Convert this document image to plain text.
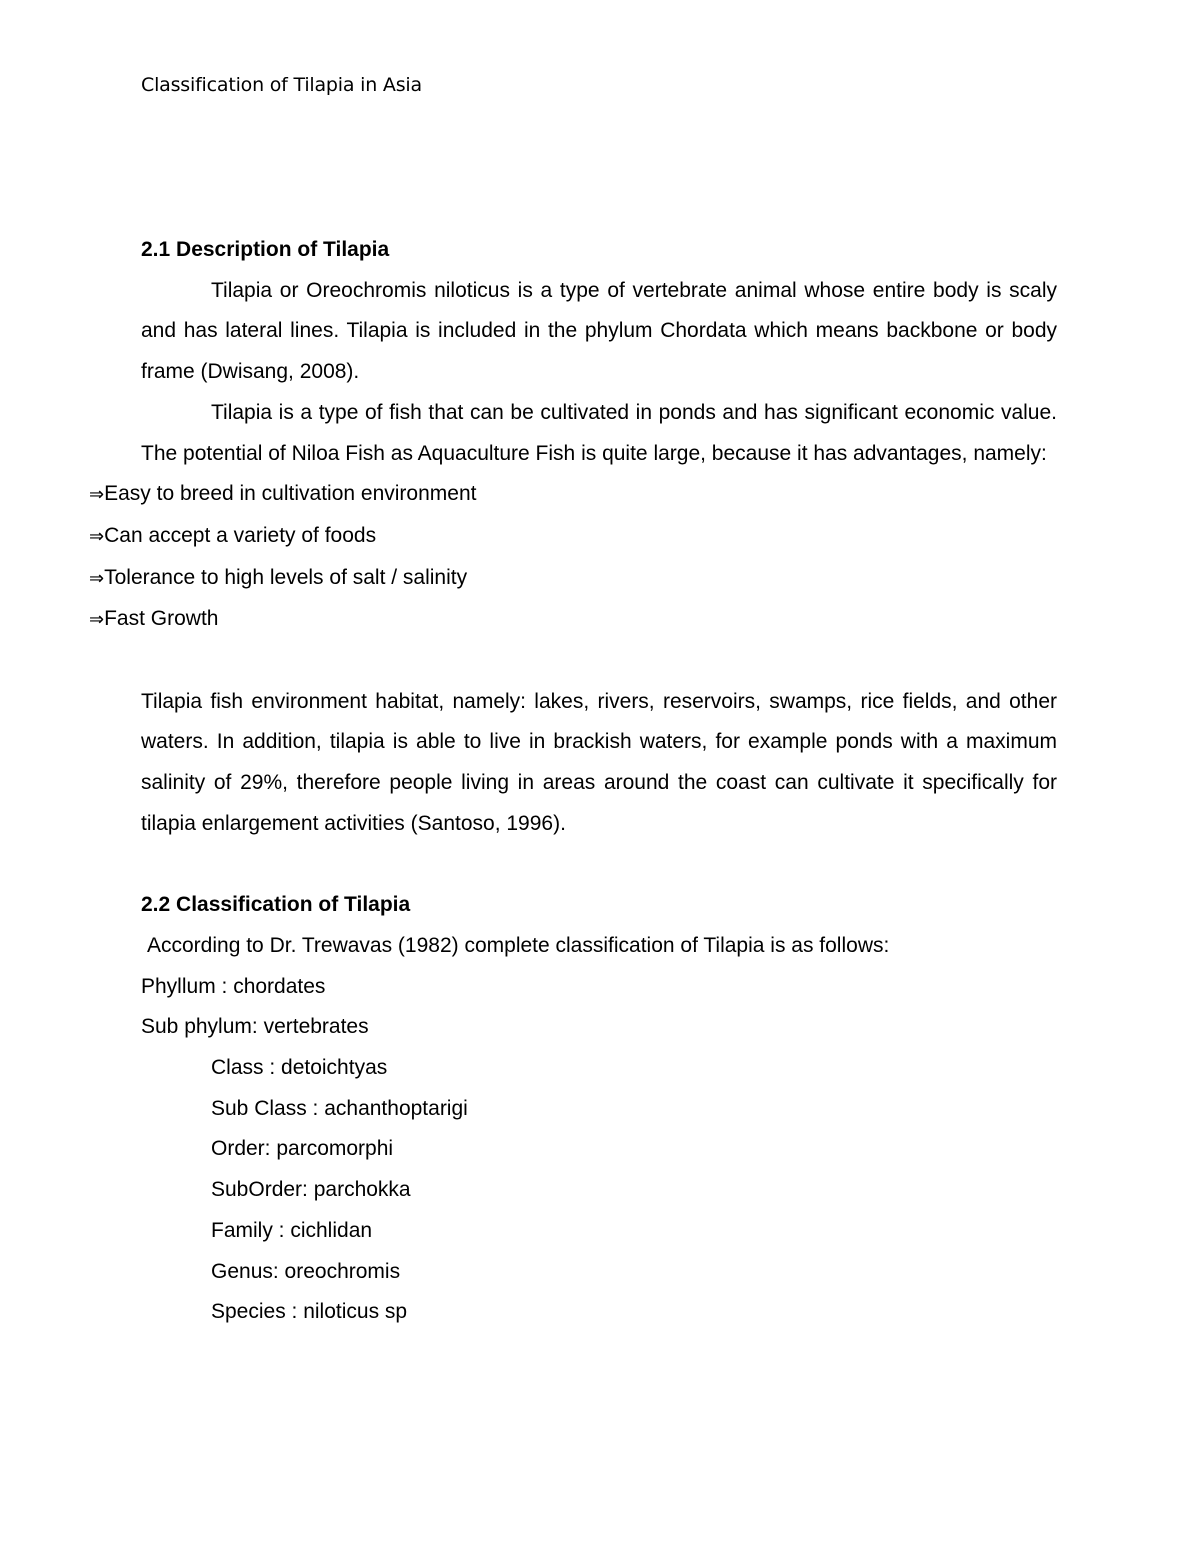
Classification of Tilapia in Asia

2.1 Description of Tilapia

Tilapia or Oreochromis niloticus is a type of vertebrate animal whose entire body is scaly and has lateral lines. Tilapia is included in the phylum Chordata which means backbone or body frame (Dwisang, 2008).

Tilapia is a type of fish that can be cultivated in ponds and has significant economic value. The potential of Niloa Fish as Aquaculture Fish is quite large, because it has advantages, namely:

⇒Easy to breed in cultivation environment
⇒Can accept a variety of foods
⇒Tolerance to high levels of salt / salinity
⇒Fast Growth

Tilapia fish environment habitat, namely: lakes, rivers, reservoirs, swamps, rice fields, and other waters. In addition, tilapia is able to live in brackish waters, for example ponds with a maximum salinity of 29%, therefore people living in areas around the coast can cultivate it specifically for tilapia enlargement activities (Santoso, 1996).

2.2 Classification of Tilapia

According to Dr. Trewavas (1982) complete classification of Tilapia is as follows:

Phyllum : chordates

Sub phylum: vertebrates

Class : detoichtyas

Sub Class : achanthoptarigi

Order: parcomorphi

SubOrder: parchokka

Family : cichlidan

Genus: oreochromis

Species : niloticus sp
